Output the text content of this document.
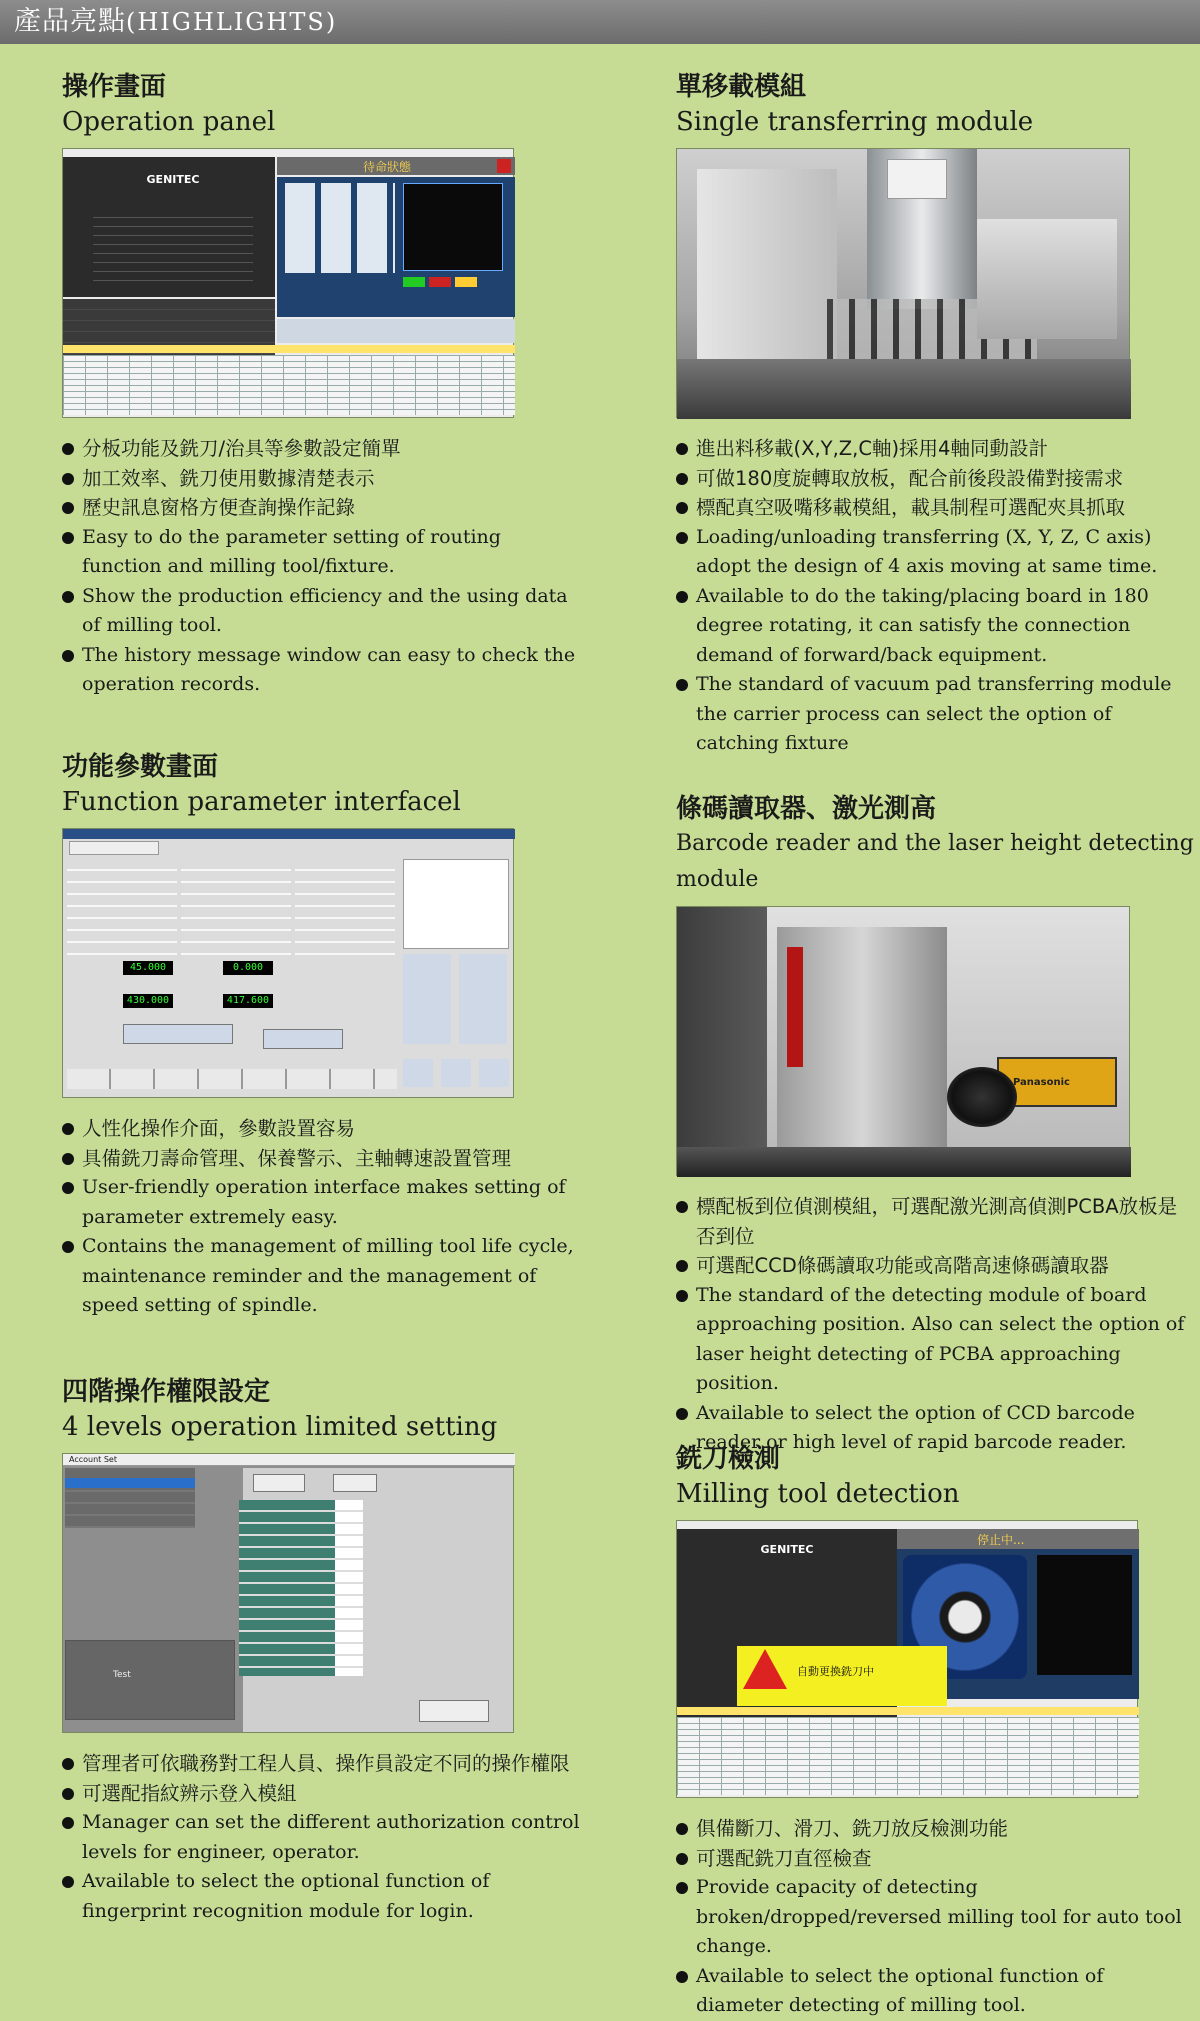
產品亮點(HIGHLIGHTS)
操作畫面
Operation panel
GENITEC
待命狀態
分板功能及銑刀/治具等參數設定簡單
加工效率、銑刀使用數據清楚表示
歷史訊息窗格方便查詢操作記錄
Easy to do the parameter setting of routing function and milling tool/fixture.
Show the production efficiency and the using data of milling tool.
The history message window can easy to check the operation records.
功能參數畫面
Function parameter interfacel
45.000	0.000
430.000	417.600
人性化操作介面，參數設置容易
具備銑刀壽命管理、保養警示、主軸轉速設置管理
User-friendly operation interface makes setting of parameter extremely easy.
Contains the management of milling tool life cycle, maintenance reminder and the management of speed setting of spindle.
四階操作權限設定
4 levels operation limited setting
Account Set
Test
管理者可依職務對工程人員、操作員設定不同的操作權限
可選配指紋辨示登入模組
Manager can set the different authorization control levels for engineer, operator.
Available to select the optional function of fingerprint recognition module for login.
單移載模組
Single transferring module
進出料移載(X,Y,Z,C軸)採用4軸同動設計
可做180度旋轉取放板，配合前後段設備對接需求
標配真空吸嘴移載模組，載具制程可選配夾具抓取
Loading/unloading transferring (X, Y, Z, C axis) adopt the design of 4 axis moving at same time.
Available to do the taking/placing board in 180 degree rotating, it can satisfy the connection demand of forward/back equipment.
The standard of vacuum pad transferring module the carrier process can select the option of catching fixture
條碼讀取器、激光測高
Barcode reader and the laser height detecting module
Panasonic
標配板到位偵測模組，可選配激光測高偵測PCBA放板是否到位
可選配CCD條碼讀取功能或高階高速條碼讀取器
The standard of the detecting module of board approaching position. Also can select the option of laser height detecting of PCBA approaching position.
Available to select the option of CCD barcode reader or high level of rapid barcode reader.
銑刀檢測
Milling tool detection
GENITEC
停止中...
自動更換銑刀中
俱備斷刀、滑刀、銑刀放反檢測功能
可選配銑刀直徑檢查
Provide capacity of detecting broken/dropped/reversed milling tool for auto tool change.
Available to select the optional function of diameter detecting of milling tool.
